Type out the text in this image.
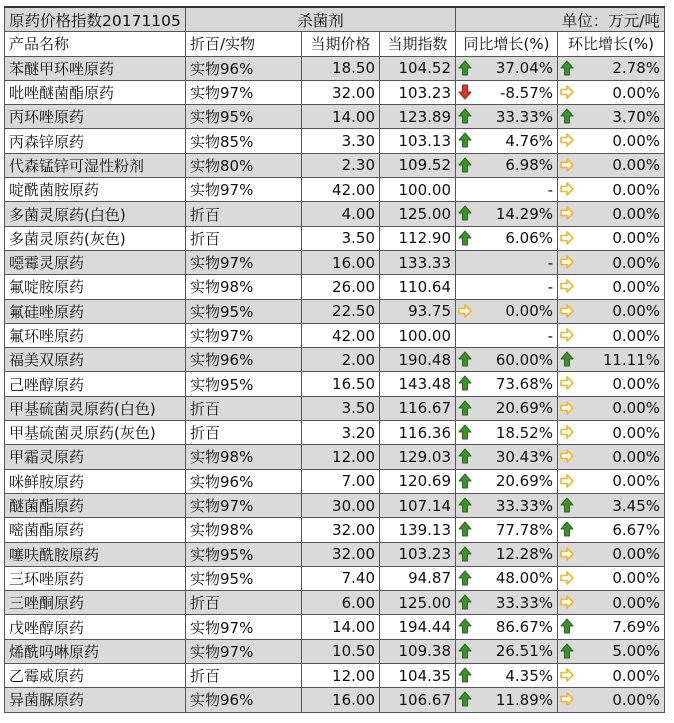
原药价格指数20171105	杀菌剂			单位：万元/吨	
产品名称	折百/实物	当期价格	当期指数	同比增长(%)	环比增长(%)
苯醚甲环唑原药	实物96%	18.50	104.52	37.04%	2.78%
吡唑醚菌酯原药	实物97%	32.00	103.23	-8.57%	0.00%
丙环唑原药	实物95%	14.00	123.89	33.33%	3.70%
丙森锌原药	实物85%	3.30	103.13	4.76%	0.00%
代森锰锌可湿性粉剂	实物80%	2.30	109.52	6.98%	0.00%
啶酰菌胺原药	实物97%	42.00	100.00	-	0.00%
多菌灵原药(白色)	折百	4.00	125.00	14.29%	0.00%
多菌灵原药(灰色)	折百	3.50	112.90	6.06%	0.00%
噁霉灵原药	实物97%	16.00	133.33	-	0.00%
氟啶胺原药	实物98%	26.00	110.64	-	0.00%
氟硅唑原药	实物95%	22.50	93.75	0.00%	0.00%
氟环唑原药	实物97%	42.00	100.00	-	0.00%
福美双原药	实物96%	2.00	190.48	60.00%	11.11%
己唑醇原药	实物95%	16.50	143.48	73.68%	0.00%
甲基硫菌灵原药(白色)	折百	3.50	116.67	20.69%	0.00%
甲基硫菌灵原药(灰色)	折百	3.20	116.36	18.52%	0.00%
甲霜灵原药	实物98%	12.00	129.03	30.43%	0.00%
咪鲜胺原药	实物96%	7.00	120.69	20.69%	0.00%
醚菌酯原药	实物97%	30.00	107.14	33.33%	3.45%
嘧菌酯原药	实物98%	32.00	139.13	77.78%	6.67%
噻呋酰胺原药	实物95%	32.00	103.23	12.28%	0.00%
三环唑原药	实物95%	7.40	94.87	48.00%	0.00%
三唑酮原药	折百	6.00	125.00	33.33%	0.00%
戊唑醇原药	实物97%	14.00	194.44	86.67%	7.69%
烯酰吗啉原药	实物97%	10.50	109.38	26.51%	5.00%
乙霉威原药	折百	12.00	104.35	4.35%	0.00%
异菌脲原药	实物96%	16.00	106.67	11.89%	0.00%
